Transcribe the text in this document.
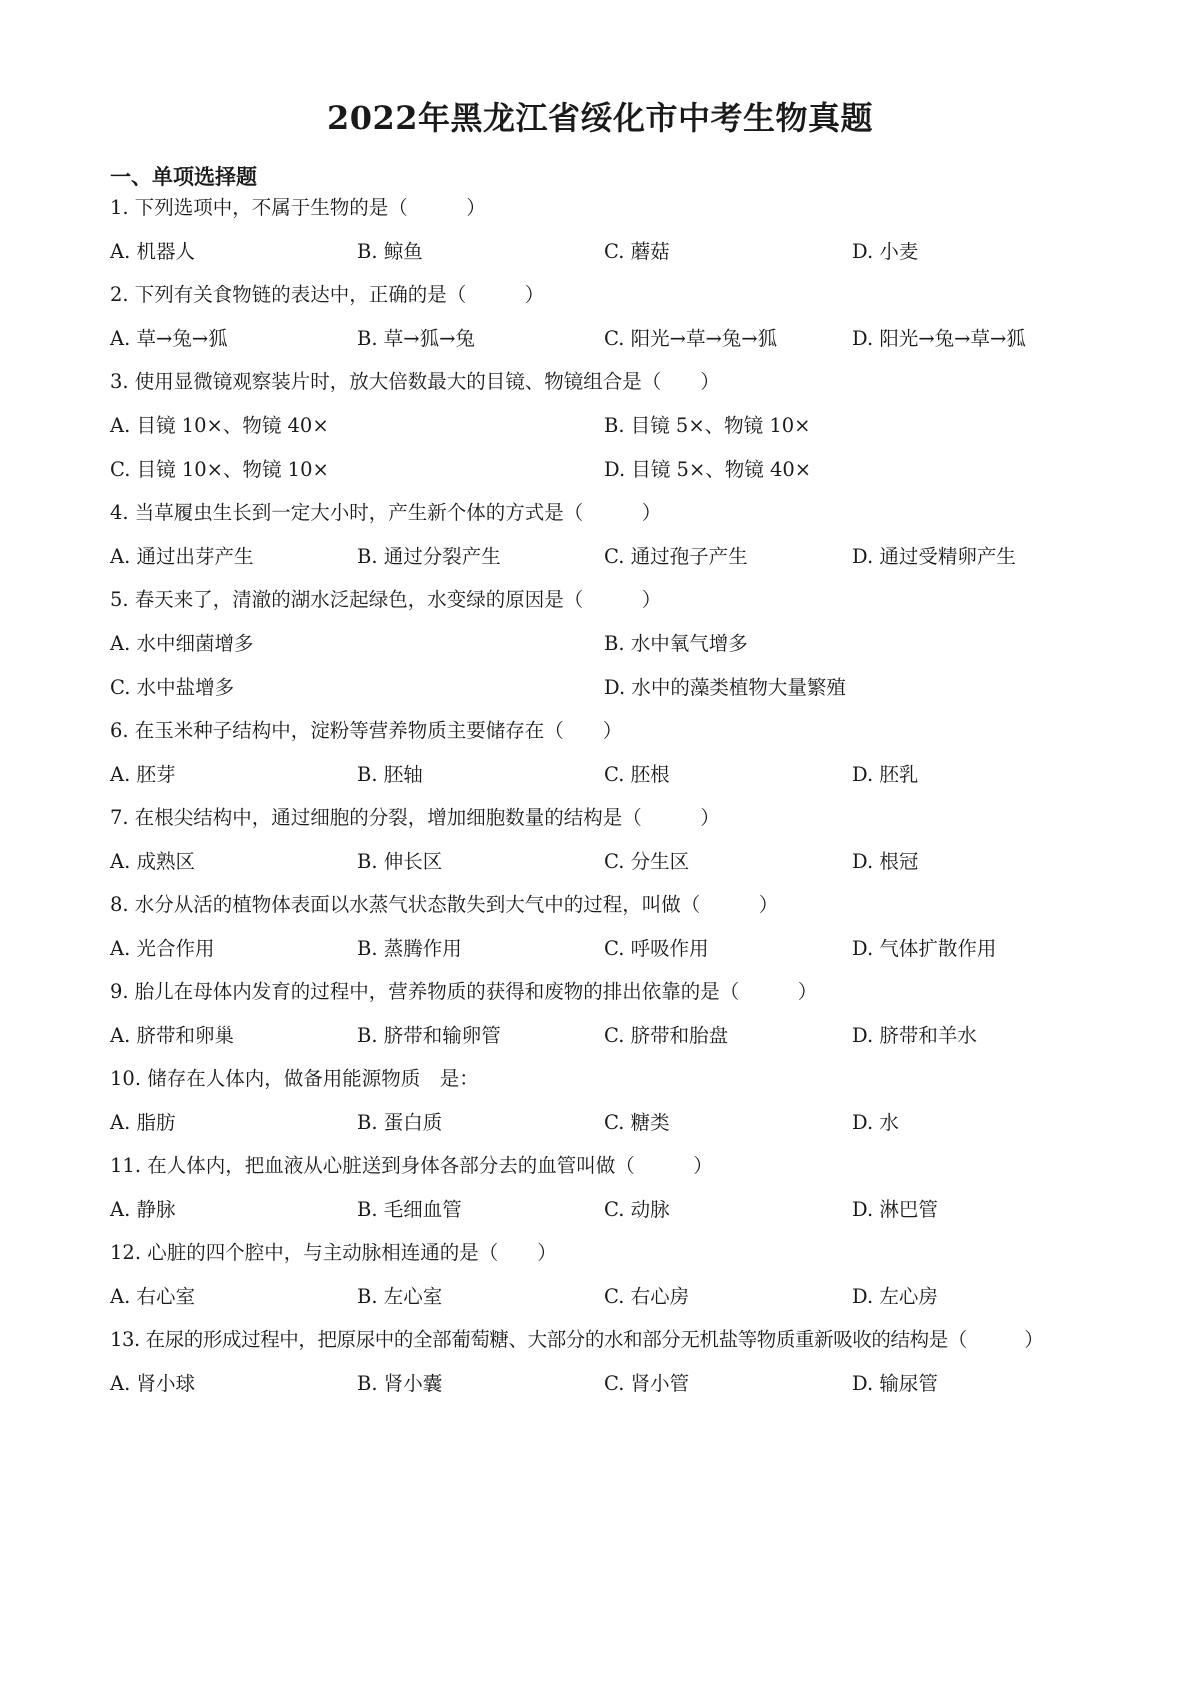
2022年黑龙江省绥化市中考生物真题
一、单项选择题
1. 下列选项中，不属于生物的是（　　　）
A. 机器人	B. 鲸鱼	C. 蘑菇	D. 小麦
2. 下列有关食物链的表达中，正确的是（　　　）
A. 草→兔→狐	B. 草→狐→兔	C. 阳光→草→兔→狐	D. 阳光→兔→草→狐
3. 使用显微镜观察装片时，放大倍数最大的目镜、物镜组合是（　　）
A. 目镜 10×、物镜 40×	B. 目镜 5×、物镜 10×
C. 目镜 10×、物镜 10×	D. 目镜 5×、物镜 40×
4. 当草履虫生长到一定大小时，产生新个体的方式是（　　　）
A. 通过出芽产生	B. 通过分裂产生	C. 通过孢子产生	D. 通过受精卵产生
5. 春天来了，清澈的湖水泛起绿色，水变绿的原因是（　　　）
A. 水中细菌增多	B. 水中氧气增多
C. 水中盐增多	D. 水中的藻类植物大量繁殖
6. 在玉米种子结构中，淀粉等营养物质主要储存在（　　）
A. 胚芽	B. 胚轴	C. 胚根	D. 胚乳
7. 在根尖结构中，通过细胞的分裂，增加细胞数量的结构是（　　　）
A. 成熟区	B. 伸长区	C. 分生区	D. 根冠
8. 水分从活的植物体表面以水蒸气状态散失到大气中的过程，叫做（　　　）
A. 光合作用	B. 蒸腾作用	C. 呼吸作用	D. 气体扩散作用
9. 胎儿在母体内发育的过程中，营养物质的获得和废物的排出依靠的是（　　　）
A. 脐带和卵巢	B. 脐带和输卵管	C. 脐带和胎盘	D. 脐带和羊水
10. 储存在人体内，做备用能源物质　是：
A. 脂肪	B. 蛋白质	C. 糖类	D. 水
11. 在人体内，把血液从心脏送到身体各部分去的血管叫做（　　　）
A. 静脉	B. 毛细血管	C. 动脉	D. 淋巴管
12. 心脏的四个腔中，与主动脉相连通的是（　　）
A. 右心室	B. 左心室	C. 右心房	D. 左心房
13. 在尿的形成过程中，把原尿中的全部葡萄糖、大部分的水和部分无机盐等物质重新吸收的结构是（　　　）
A. 肾小球	B. 肾小囊	C. 肾小管	D. 输尿管
